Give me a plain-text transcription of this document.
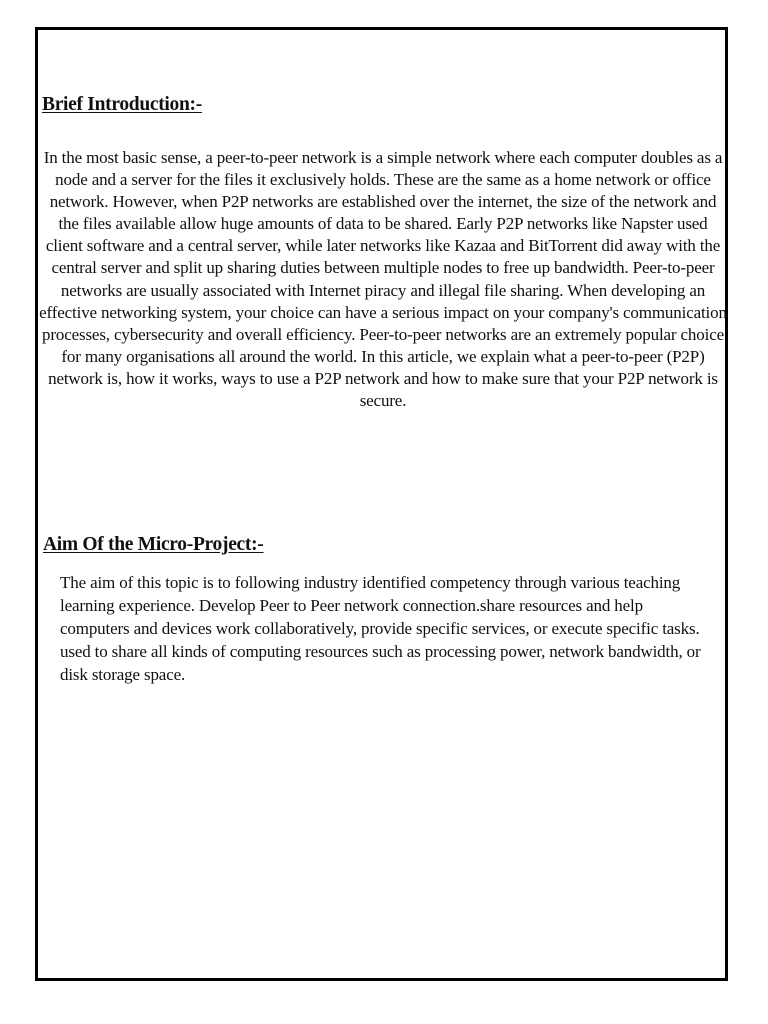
Brief Introduction:-

In the most basic sense, a peer-to-peer network is a simple network where each computer doubles as a node and a server for the files it exclusively holds. These are the same as a home network or office network. However, when P2P networks are established over the internet, the size of the network and the files available allow huge amounts of data to be shared. Early P2P networks like Napster used client software and a central server, while later networks like Kazaa and BitTorrent did away with the central server and split up sharing duties between multiple nodes to free up bandwidth. Peer-to-peer networks are usually associated with Internet piracy and illegal file sharing. When developing an effective networking system, your choice can have a serious impact on your company's communication processes, cybersecurity and overall efficiency. Peer-to-peer networks are an extremely popular choice for many organisations all around the world. In this article, we explain what a peer-to-peer (P2P) network is, how it works, ways to use a P2P network and how to make sure that your P2P network is secure.

Aim Of the Micro-Project:-

The aim of this topic is to following industry identified competency through various teaching learning experience. Develop Peer to Peer network connection.share resources and help computers and devices work collaboratively, provide specific services, or execute specific tasks. used to share all kinds of computing resources such as processing power, network bandwidth, or disk storage space.
